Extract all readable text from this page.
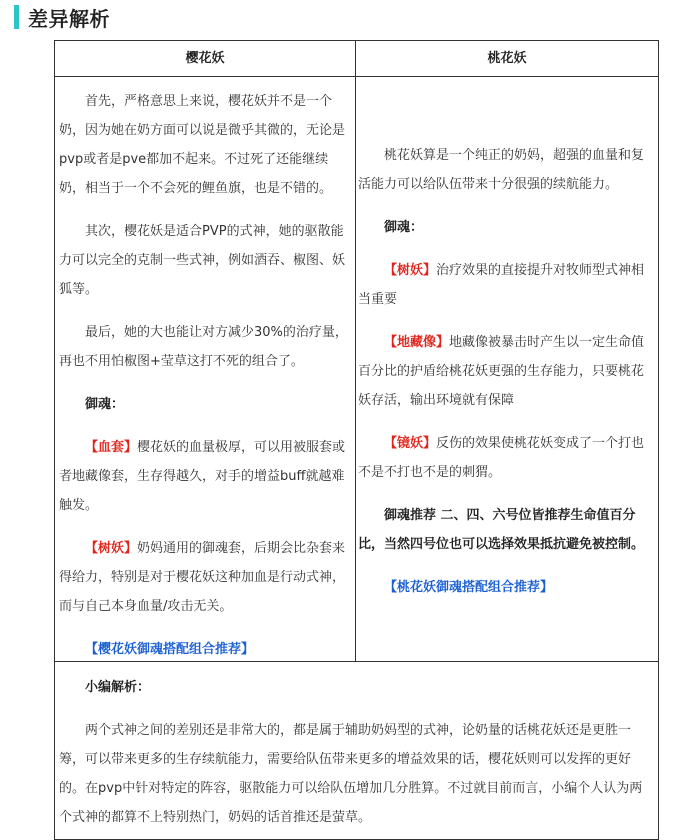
差异解析
樱花妖	桃花妖

首先，严格意思上来说，樱花妖并不是一个奶，因为她在奶方面可以说是微乎其微的，无论是pvp或者是pve都加不起来。不过死了还能继续奶，相当于一个不会死的鲤鱼旗，也是不错的。

其次，樱花妖是适合PVP的式神，她的驱散能力可以完全的克制一些式神，例如酒吞、椒图、妖狐等。

最后，她的大也能让对方减少30%的治疗量，再也不用怕椒图+莹草这打不死的组合了。

御魂：

【血套】樱花妖的血量极厚，可以用被服套或者地藏像套，生存得越久，对手的增益buff就越难触发。

【树妖】奶妈通用的御魂套，后期会比杂套来得给力，特别是对于樱花妖这种加血是行动式神，而与自己本身血量/攻击无关。

【樱花妖御魂搭配组合推荐】

桃花妖算是一个纯正的奶妈，超强的血量和复活能力可以给队伍带来十分很强的续航能力。

御魂：

【树妖】治疗效果的直接提升对牧师型式神相当重要

【地藏像】地藏像被暴击时产生以一定生命值百分比的护盾给桃花妖更强的生存能力，只要桃花妖存活，输出环境就有保障

【镜妖】反伤的效果使桃花妖变成了一个打也不是不打也不是的刺猬。

御魂推荐 二、四、六号位皆推荐生命值百分比，当然四号位也可以选择效果抵抗避免被控制。

【桃花妖御魂搭配组合推荐】

小编解析：

两个式神之间的差别还是非常大的，都是属于辅助奶妈型的式神，论奶量的话桃花妖还是更胜一筹，可以带来更多的生存续航能力，需要给队伍带来更多的增益效果的话，樱花妖则可以发挥的更好的。在pvp中针对特定的阵容，驱散能力可以给队伍增加几分胜算。不过就目前而言，小编个人认为两个式神的都算不上特别热门，奶妈的话首推还是萤草。
